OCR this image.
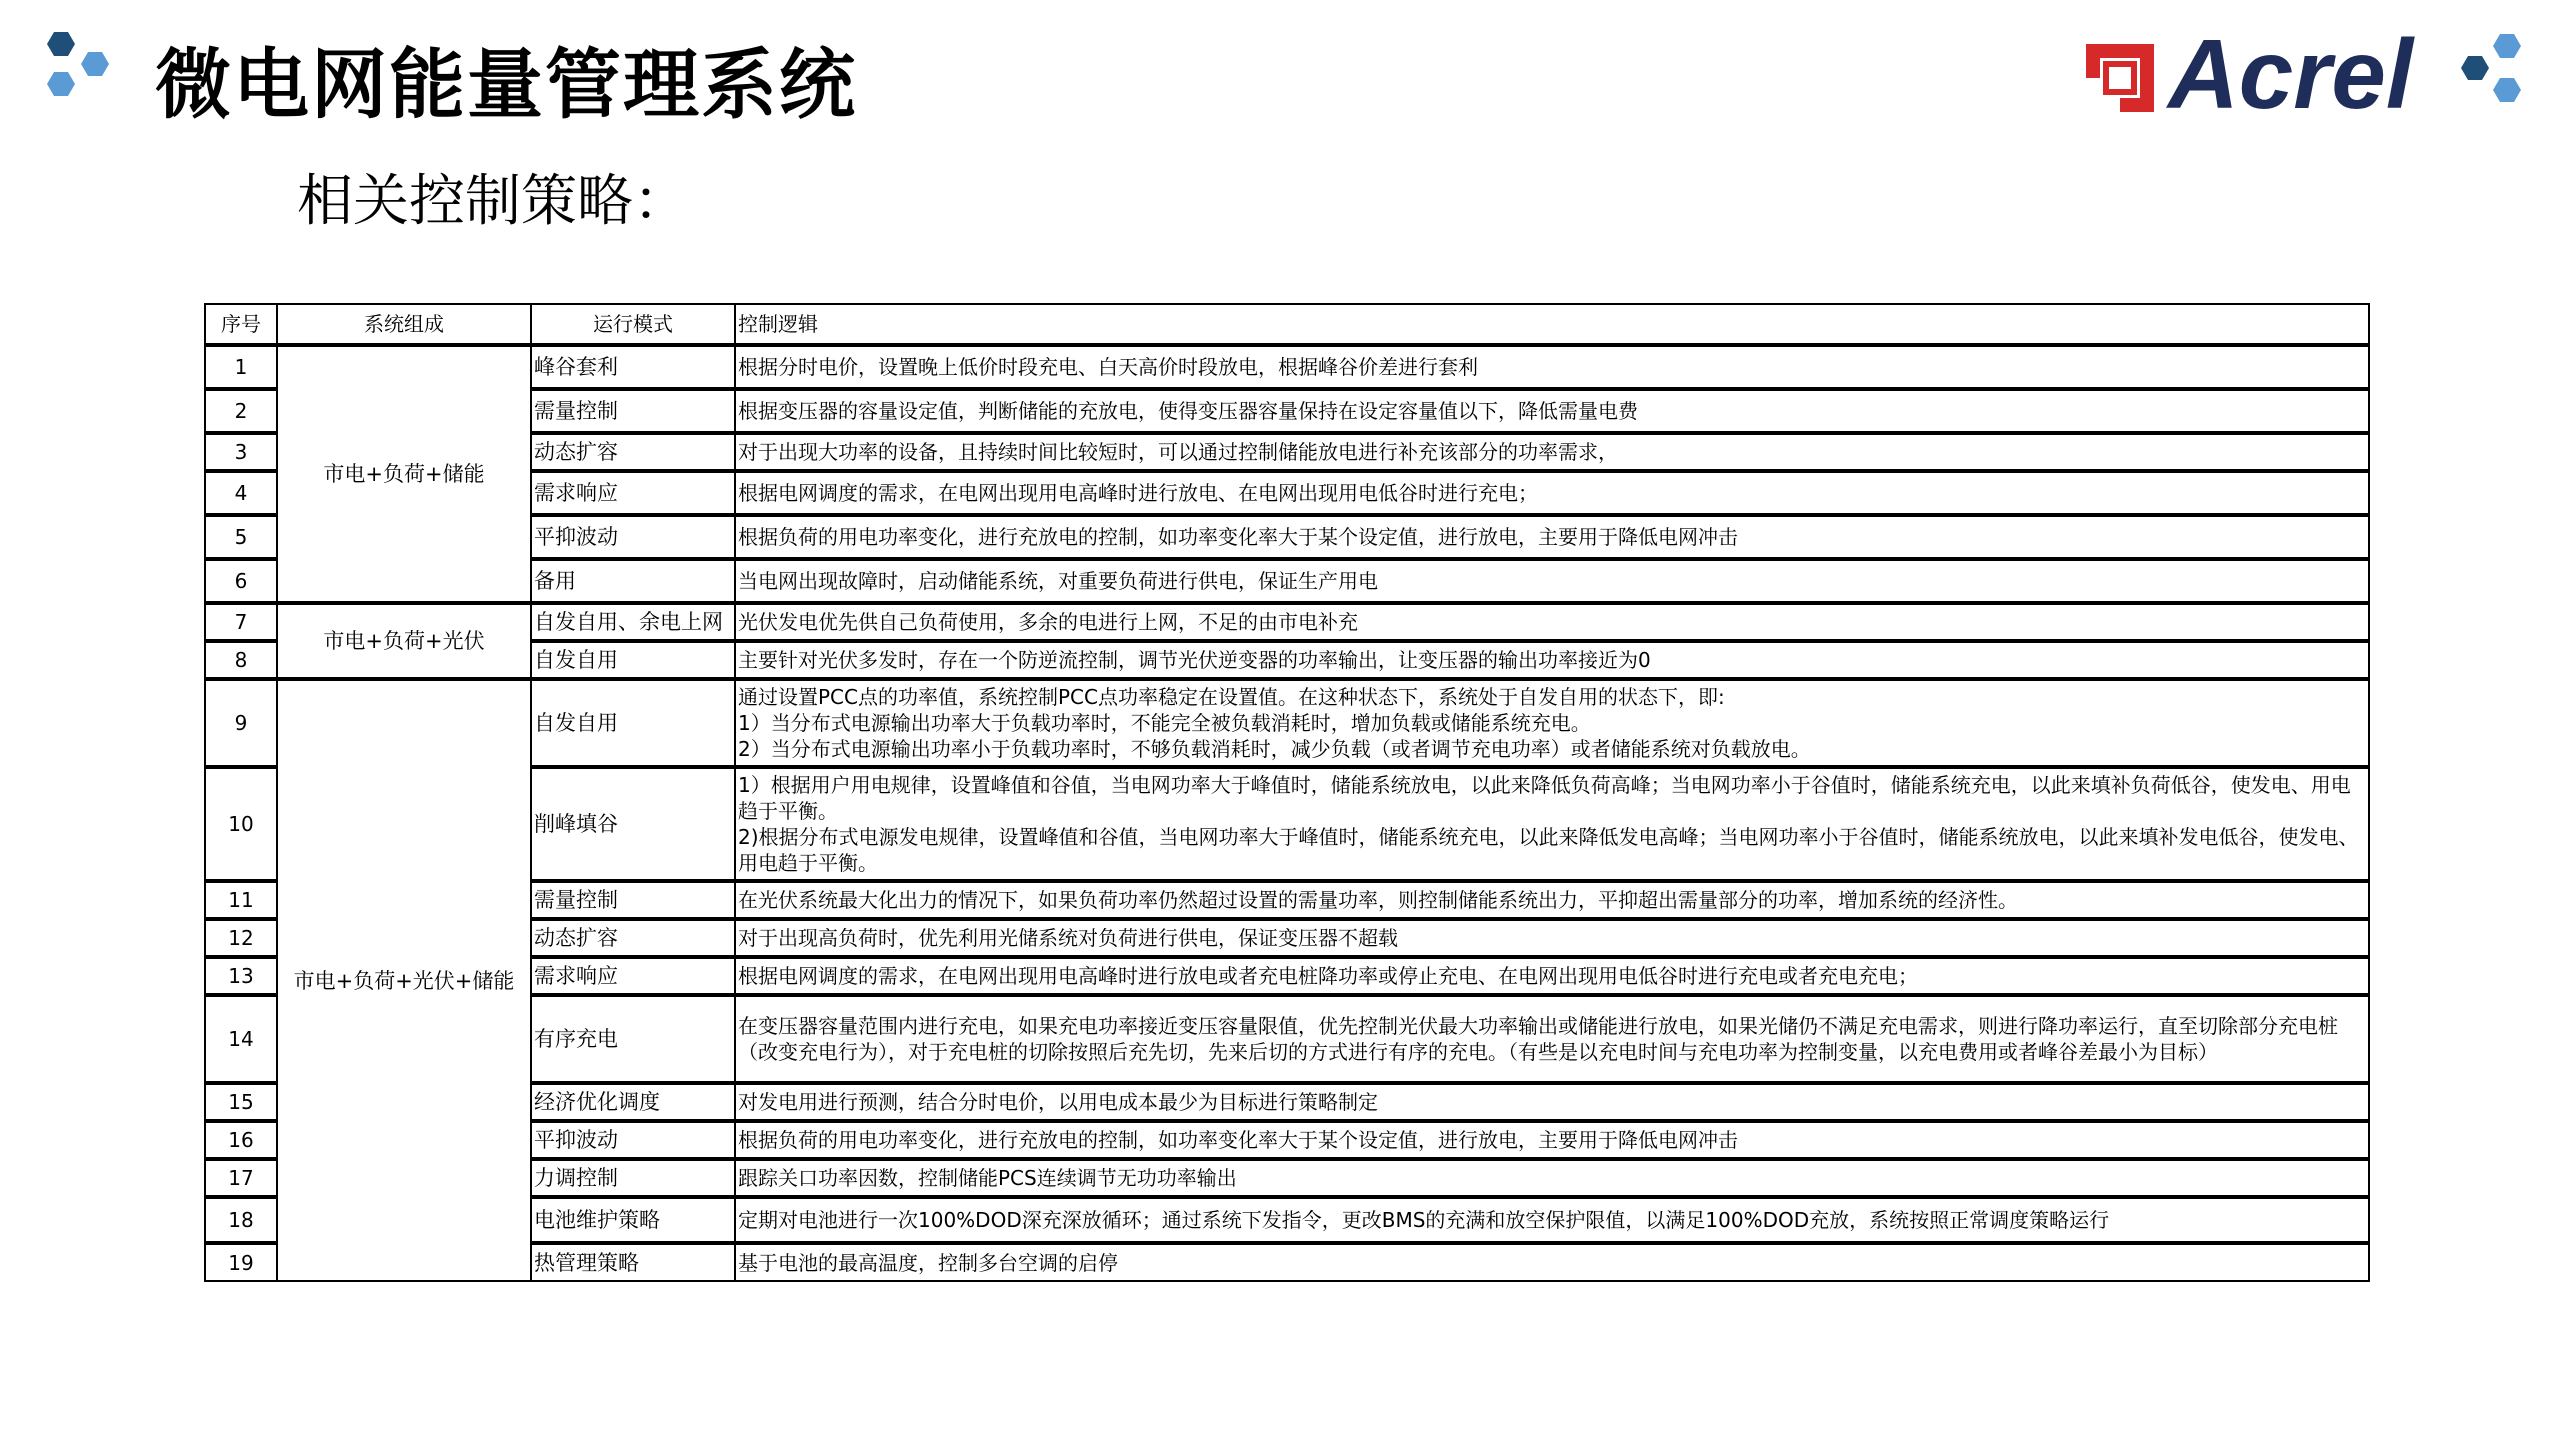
微电网能量管理系统
相关控制策略：
Acrel
序号	系统组成	运行模式	控制逻辑
1	市电+负荷+储能	峰谷套利	根据分时电价，设置晚上低价时段充电、白天高价时段放电，根据峰谷价差进行套利

2		需量控制	根据变压器的容量设定值，判断储能的充放电，使得变压器容量保持在设定容量值以下，降低需量电费

3		动态扩容	对于出现大功率的设备，且持续时间比较短时，可以通过控制储能放电进行补充该部分的功率需求，

4		需求响应	根据电网调度的需求，在电网出现用电高峰时进行放电、在电网出现用电低谷时进行充电；

5		平抑波动	根据负荷的用电功率变化，进行充放电的控制，如功率变化率大于某个设定值，进行放电，主要用于降低电网冲击

6		备用	当电网出现故障时，启动储能系统，对重要负荷进行供电，保证生产用电

7	市电+负荷+光伏	自发自用、余电上网	光伏发电优先供自己负荷使用，多余的电进行上网，不足的由市电补充

8		自发自用	主要针对光伏多发时，存在一个防逆流控制，调节光伏逆变器的功率输出，让变压器的输出功率接近为0

9	市电+负荷+光伏+储能	自发自用	通过设置PCC点的功率值，系统控制PCC点功率稳定在设置值。在这种状态下，系统处于自发自用的状态下，即:
1）当分布式电源输出功率大于负载功率时，不能完全被负载消耗时，增加负载或储能系统充电。
2）当分布式电源输出功率小于负载功率时，不够负载消耗时，减少负载（或者调节充电功率）或者储能系统对负载放电。

10		削峰填谷	1）根据用户用电规律，设置峰值和谷值，当电网功率大于峰值时，储能系统放电，以此来降低负荷高峰；当电网功率小于谷值时，储能系统充电，以此来填补负荷低谷，使发电、用电趋于平衡。
2)根据分布式电源发电规律，设置峰值和谷值，当电网功率大于峰值时，储能系统充电，以此来降低发电高峰；当电网功率小于谷值时，储能系统放电，以此来填补发电低谷，使发电、用电趋于平衡。

11		需量控制	在光伏系统最大化出力的情况下，如果负荷功率仍然超过设置的需量功率，则控制储能系统出力，平抑超出需量部分的功率，增加系统的经济性。

12		动态扩容	对于出现高负荷时，优先利用光储系统对负荷进行供电，保证变压器不超载

13		需求响应	根据电网调度的需求，在电网出现用电高峰时进行放电或者充电桩降功率或停止充电、在电网出现用电低谷时进行充电或者充电充电；

14		有序充电	在变压器容量范围内进行充电，如果充电功率接近变压容量限值，优先控制光伏最大功率输出或储能进行放电，如果光储仍不满足充电需求，则进行降功率运行，直至切除部分充电桩（改变充电行为），对于充电桩的切除按照后充先切，先来后切的方式进行有序的充电。（有些是以充电时间与充电功率为控制变量，以充电费用或者峰谷差最小为目标）

15		经济优化调度	对发电用进行预测，结合分时电价，以用电成本最少为目标进行策略制定

16		平抑波动	根据负荷的用电功率变化，进行充放电的控制，如功率变化率大于某个设定值，进行放电，主要用于降低电网冲击

17		力调控制	跟踪关口功率因数，控制储能PCS连续调节无功功率输出

18		电池维护策略	定期对电池进行一次100%DOD深充深放循环；通过系统下发指令，更改BMS的充满和放空保护限值，以满足100%DOD充放，系统按照正常调度策略运行

19		热管理策略	基于电池的最高温度，控制多台空调的启停
